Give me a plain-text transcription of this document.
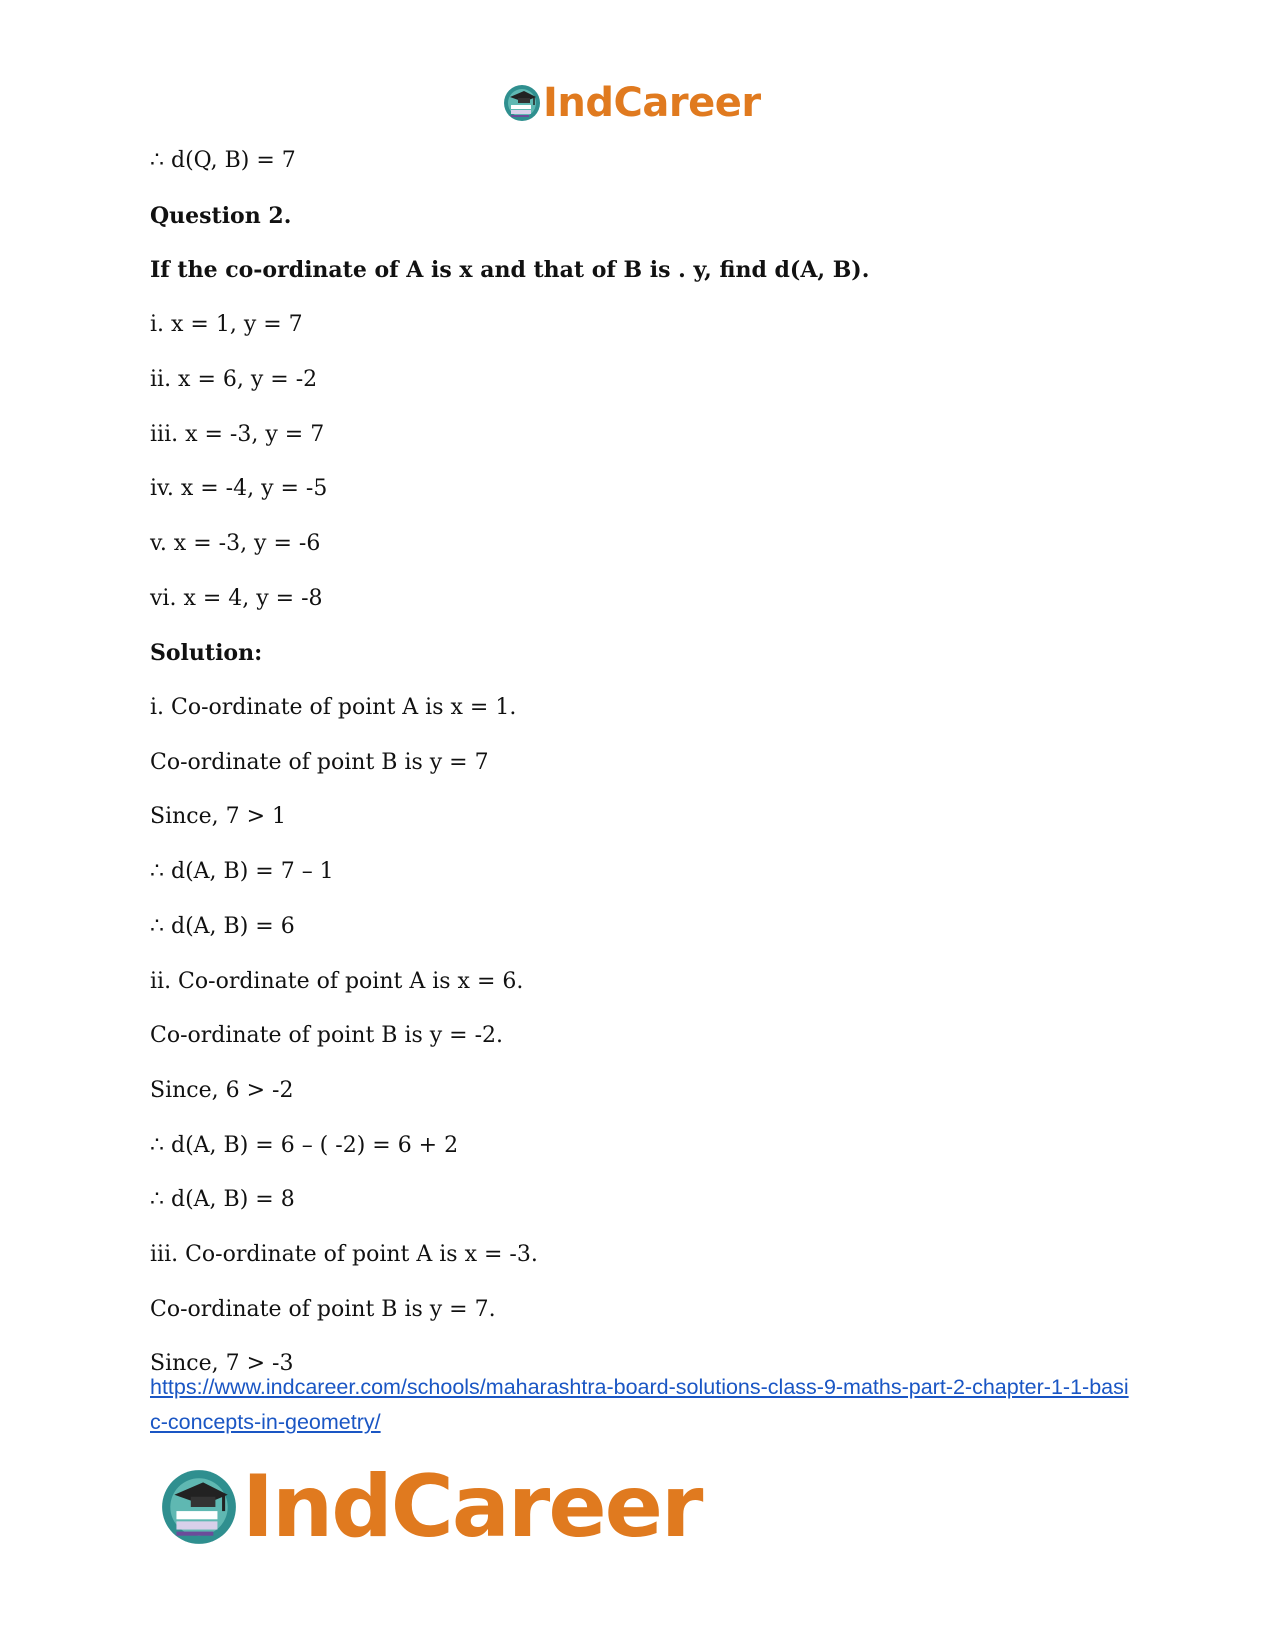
IndCareer
∴ d(Q, B) = 7
Question 2.
If the co-ordinate of A is x and that of B is . y, find d(A, B).
i. x = 1, y = 7
ii. x = 6, y = -2
iii. x = -3, y = 7
iv. x = -4, y = -5
v. x = -3, y = -6
vi. x = 4, y = -8
Solution:
i. Co-ordinate of point A is x = 1.
Co-ordinate of point B is y = 7
Since, 7 > 1
∴ d(A, B) = 7 – 1
∴ d(A, B) = 6
ii. Co-ordinate of point A is x = 6.
Co-ordinate of point B is y = -2.
Since, 6 > -2
∴ d(A, B) = 6 – ( -2) = 6 + 2
∴ d(A, B) = 8
iii. Co-ordinate of point A is x = -3.
Co-ordinate of point B is y = 7.
Since, 7 > -3
https://www.indcareer.com/schools/maharashtra-board-solutions-class-9-maths-part-2-chapter-1-1-basic-concepts-in-geometry/
IndCareer
